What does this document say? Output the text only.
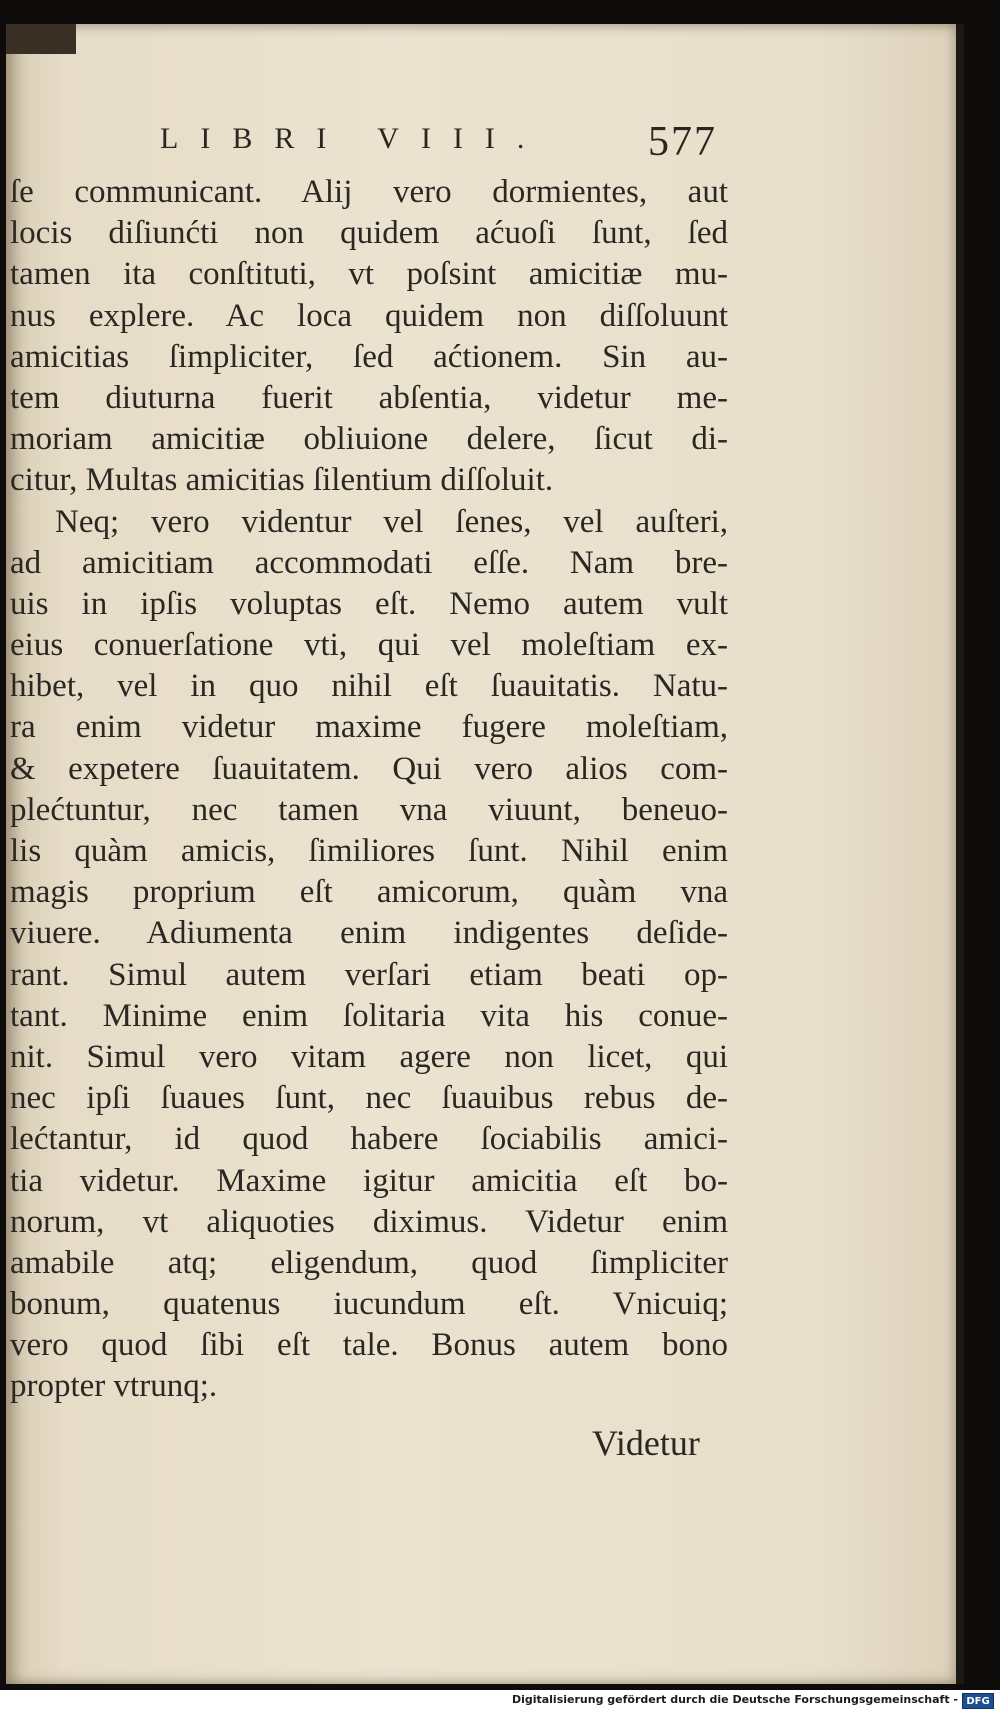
LIBRI VIII. 577
ſe communicant. Alij vero dormientes, aut
locis diſiunćti non quidem aćuoſi ſunt, ſed
tamen ita conſtituti, vt poſsint amicitiæ mu-
nus explere. Ac loca quidem non diſſoluunt
amicitias ſimpliciter, ſed aćtionem. Sin au-
tem diuturna fuerit abſentia, videtur me-
moriam amicitiæ obliuione delere, ſicut di-
citur, Multas amicitias ſilentium diſſoluit.
Neq; vero videntur vel ſenes, vel auſteri,
ad amicitiam accommodati eſſe. Nam bre-
uis in ipſis voluptas eſt. Nemo autem vult
eius conuerſatione vti, qui vel moleſtiam ex-
hibet, vel in quo nihil eſt ſuauitatis. Natu-
ra enim videtur maxime fugere moleſtiam,
& expetere ſuauitatem. Qui vero alios com-
plećtuntur, nec tamen vna viuunt, beneuo-
lis quàm amicis, ſimiliores ſunt. Nihil enim
magis proprium eſt amicorum, quàm vna
viuere. Adiumenta enim indigentes deſide-
rant. Simul autem verſari etiam beati op-
tant. Minime enim ſolitaria vita his conue-
nit. Simul vero vitam agere non licet, qui
nec ipſi ſuaues ſunt, nec ſuauibus rebus de-
lećtantur, id quod habere ſociabilis amici-
tia videtur. Maxime igitur amicitia eſt bo-
norum, vt aliquoties diximus. Videtur enim
amabile atq; eligendum, quod ſimpliciter
bonum, quatenus iucundum eſt. Vnicuiq;
vero quod ſibi eſt tale. Bonus autem bono
propter vtrunq;.
Videtur
Digitalisierung gefördert durch die Deutsche Forschungsgemeinschaft - DFG
